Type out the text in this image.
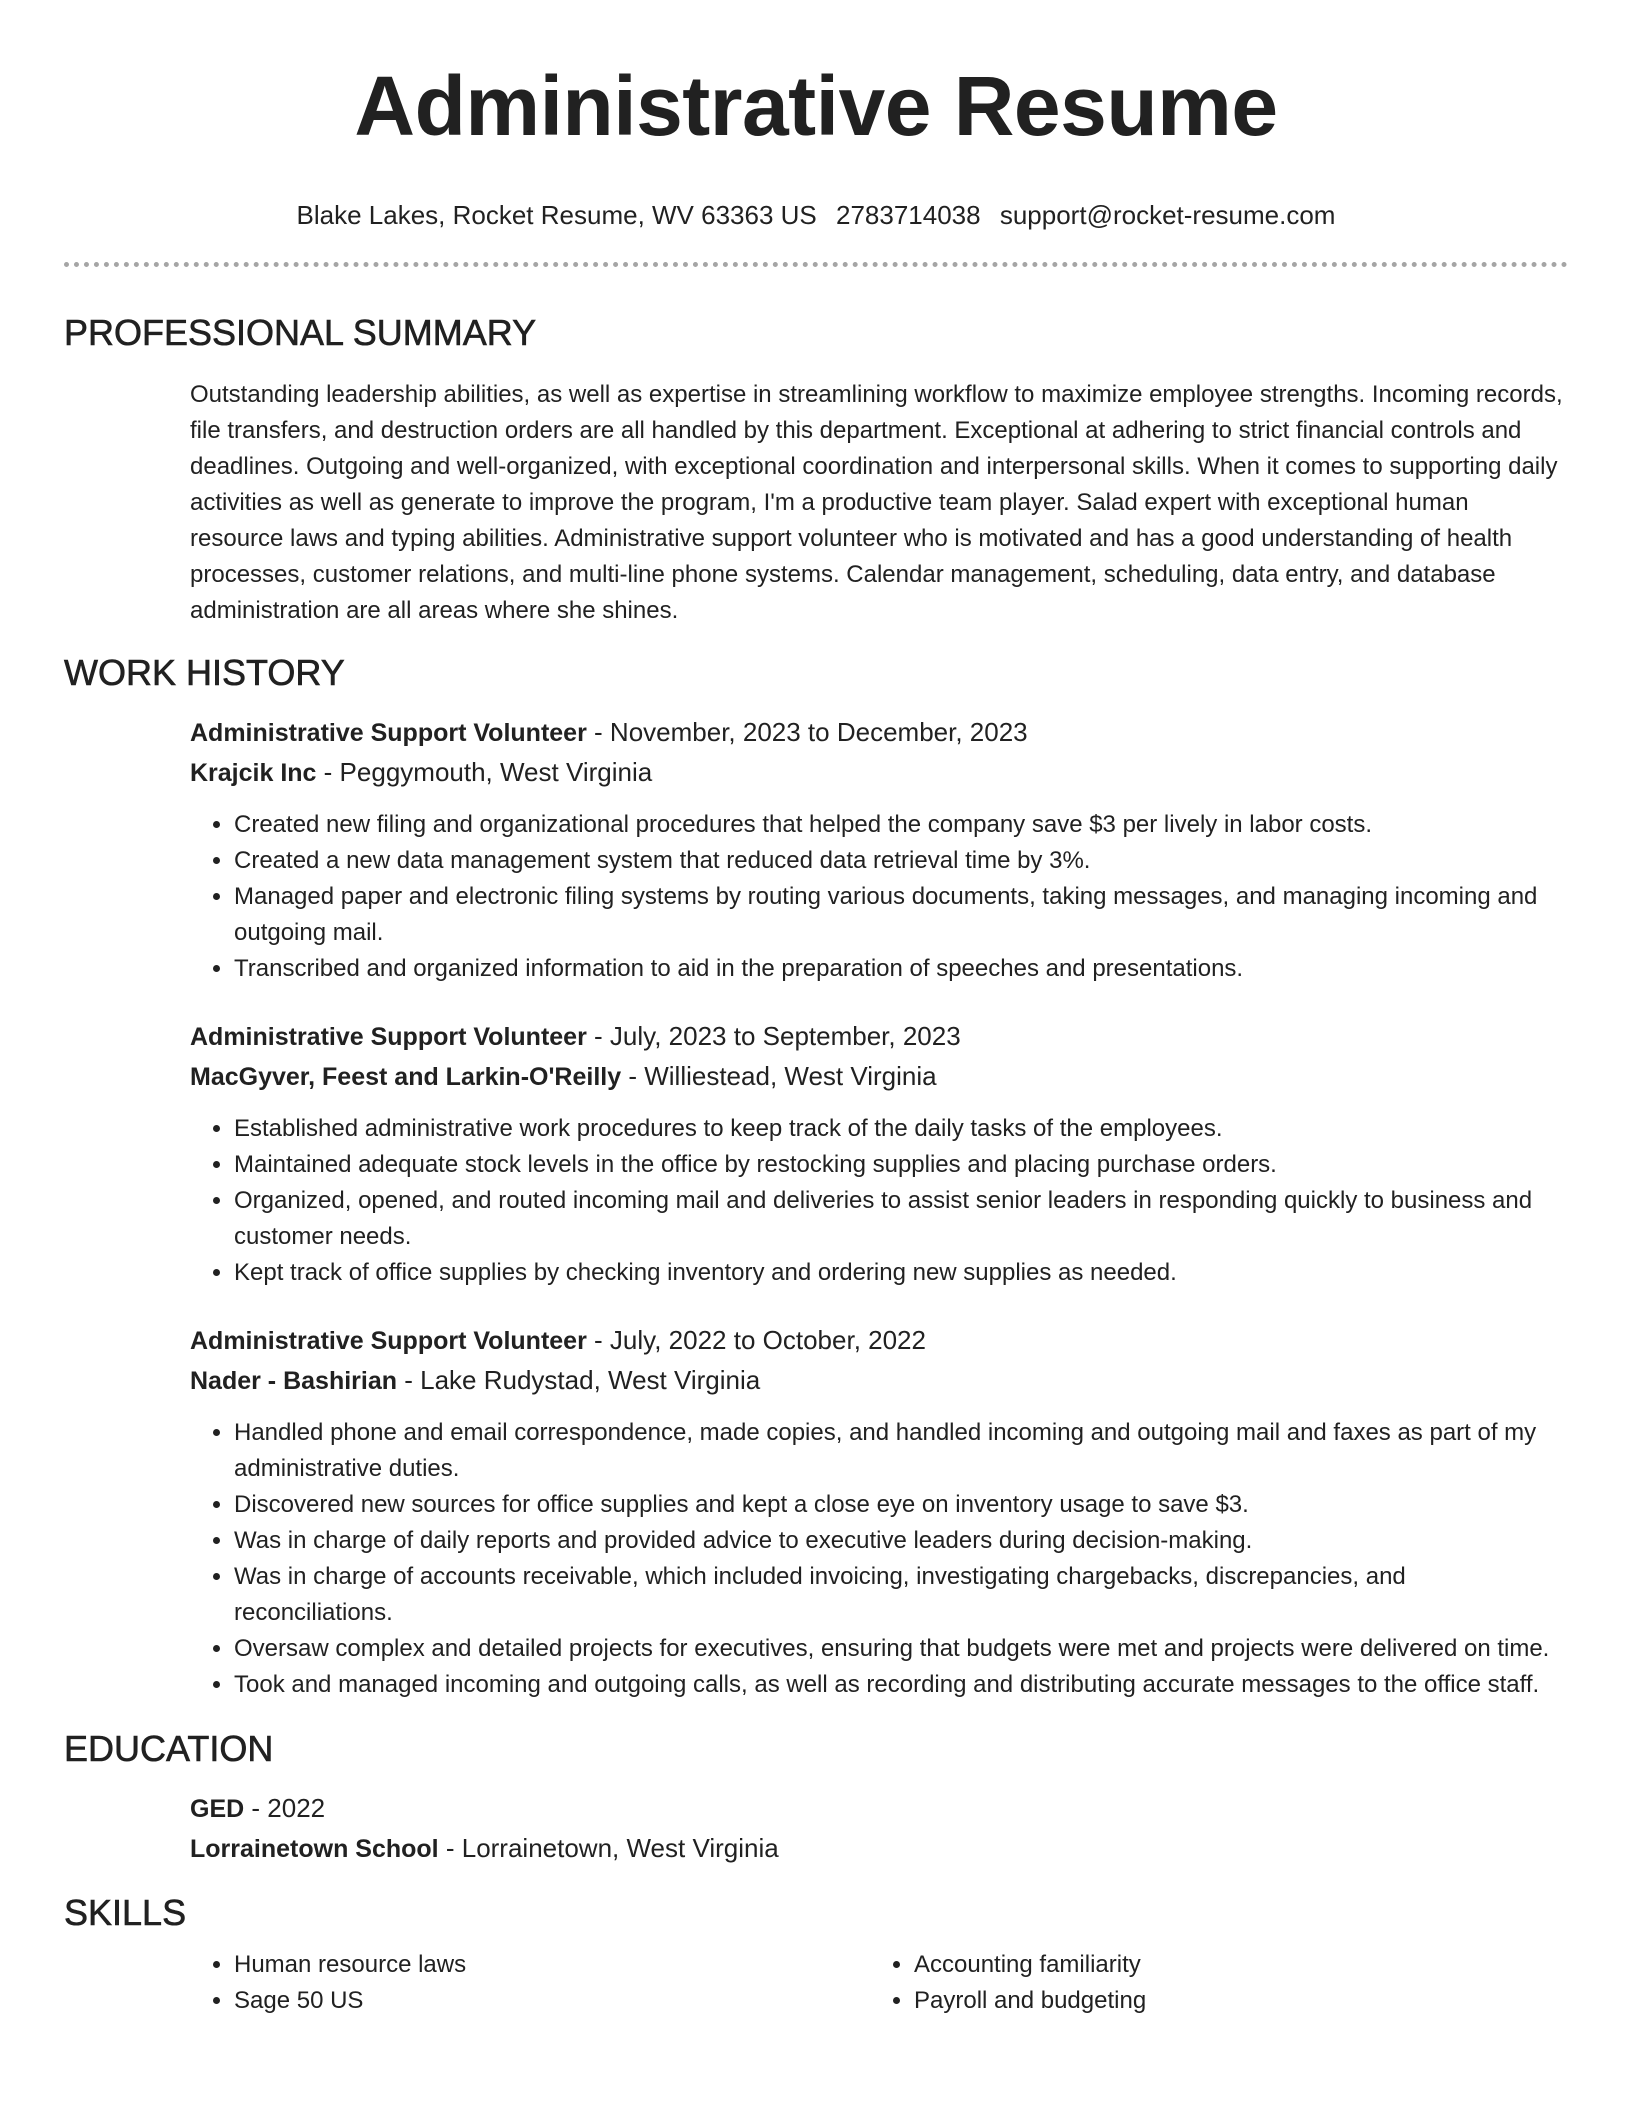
Administrative Resume
Blake Lakes, Rocket Resume, WV 63363 US 2783714038 support@rocket-resume.com
PROFESSIONAL SUMMARY
Outstanding leadership abilities, as well as expertise in streamlining workflow to maximize employee strengths. Incoming records, file transfers, and destruction orders are all handled by this department. Exceptional at adhering to strict financial controls and deadlines. Outgoing and well-organized, with exceptional coordination and interpersonal skills. When it comes to supporting daily activities as well as generate to improve the program, I'm a productive team player. Salad expert with exceptional human resource laws and typing abilities. Administrative support volunteer who is motivated and has a good understanding of health processes, customer relations, and multi-line phone systems. Calendar management, scheduling, data entry, and database administration are all areas where she shines.
WORK HISTORY
Administrative Support Volunteer - November, 2023 to December, 2023
Krajcik Inc - Peggymouth, West Virginia
• Created new filing and organizational procedures that helped the company save $3 per lively in labor costs.
• Created a new data management system that reduced data retrieval time by 3%.
• Managed paper and electronic filing systems by routing various documents, taking messages, and managing incoming and outgoing mail.
• Transcribed and organized information to aid in the preparation of speeches and presentations.
Administrative Support Volunteer - July, 2023 to September, 2023
MacGyver, Feest and Larkin-O'Reilly - Williestead, West Virginia
• Established administrative work procedures to keep track of the daily tasks of the employees.
• Maintained adequate stock levels in the office by restocking supplies and placing purchase orders.
• Organized, opened, and routed incoming mail and deliveries to assist senior leaders in responding quickly to business and customer needs.
• Kept track of office supplies by checking inventory and ordering new supplies as needed.
Administrative Support Volunteer - July, 2022 to October, 2022
Nader - Bashirian - Lake Rudystad, West Virginia
• Handled phone and email correspondence, made copies, and handled incoming and outgoing mail and faxes as part of my administrative duties.
• Discovered new sources for office supplies and kept a close eye on inventory usage to save $3.
• Was in charge of daily reports and provided advice to executive leaders during decision-making.
• Was in charge of accounts receivable, which included invoicing, investigating chargebacks, discrepancies, and reconciliations.
• Oversaw complex and detailed projects for executives, ensuring that budgets were met and projects were delivered on time.
• Took and managed incoming and outgoing calls, as well as recording and distributing accurate messages to the office staff.
EDUCATION
GED - 2022
Lorrainetown School - Lorrainetown, West Virginia
SKILLS
• Human resource laws
• Sage 50 US
• Accounting familiarity
• Payroll and budgeting
